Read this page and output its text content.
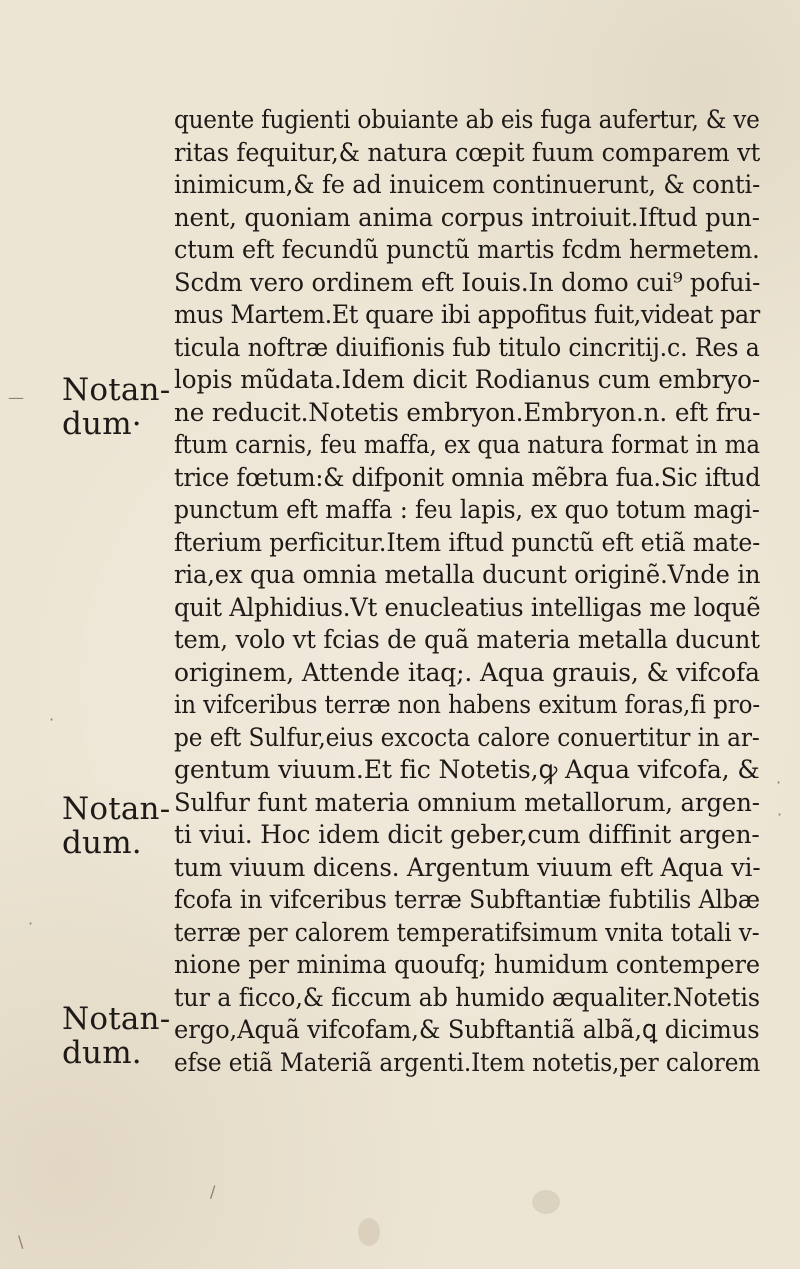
—
·
·
·
·
/
\
Notan-
dum·
Notan-
dum.
Notan-
dum.
quente fugienti obuiante ab eis fuga aufertur, & ve
ritas fequitur,& natura cœpit fuum comparem vt
inimicum,& fe ad inuicem continuerunt, & conti-
nent, quoniam anima corpus introiuit.Iftud pun-
ctum eft fecundũ punctũ martis fcdm hermetem.
Scdm vero ordinem eft Iouis.In domo cui⁹ pofui-
mus Martem.Et quare ibi appofitus fuit,videat par
ticula noftræ diuifionis fub titulo cincritij.c. Res a
lopis mũdata.Idem dicit Rodianus cum embryo-
ne reducit.Notetis embryon.Embryon.n. eft fru-
ftum carnis, feu maffa, ex qua natura format in ma
trice fœtum:& difponit omnia mẽbra fua.Sic iftud
punctum eft maffa : feu lapis, ex quo totum magi-
fterium perficitur.Item iftud punctũ eft etiã mate-
ria,ex qua omnia metalla ducunt originẽ.Vnde in
quit Alphidius.Vt enucleatius intelligas me loquẽ
tem, volo vt fcias de quã materia metalla ducunt
originem, Attende itaq;. Aqua grauis, & vifcofa
in vifceribus terræ non habens exitum foras,fi pro-
pe eft Sulfur,eius excocta calore conuertitur in ar-
gentum viuum.Et fic Notetis,ꝙ Aqua vifcofa, &
Sulfur funt materia omnium metallorum, argen-
ti viui. Hoc idem dicit geber,cum diffinit argen-
tum viuum dicens. Argentum viuum eft Aqua vi-
fcofa in vifceribus terræ Subftantiæ fubtilis Albæ
terræ per calorem temperatifsimum vnita totali v-
nione per minima quoufq; humidum contempere
tur a ficco,& ficcum ab humido æqualiter.Notetis
ergo,Aquã vifcofam,& Subftantiã albã,ꝗ dicimus
efse etiã Materiã argenti.Item notetis,per calorem
